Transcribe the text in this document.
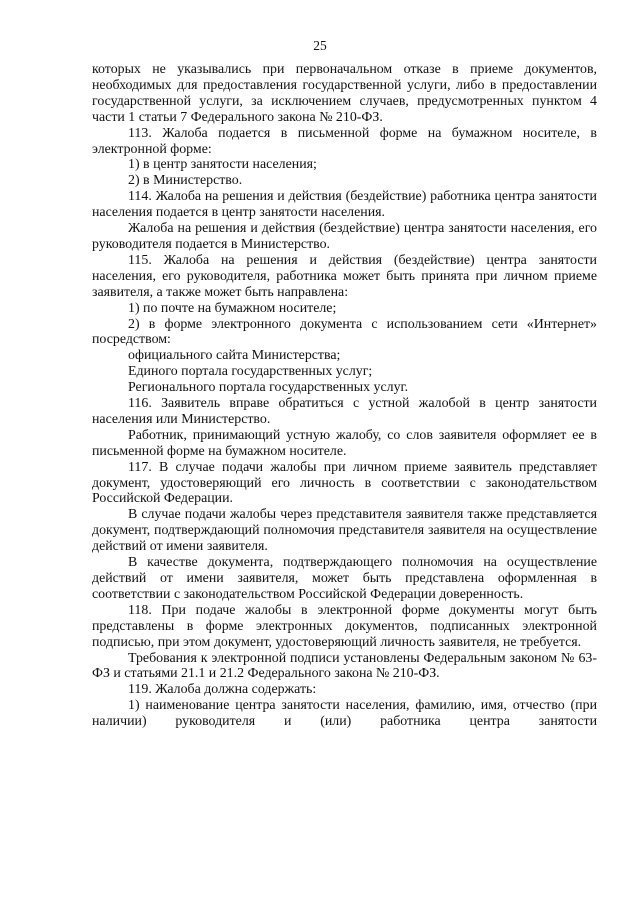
25

которых не указывались при первоначальном отказе в приеме документов, необходимых для предоставления государственной услуги, либо в предоставлении государственной услуги, за исключением случаев, предусмотренных пунктом 4 части 1 статьи 7 Федерального закона № 210-ФЗ.

113. Жалоба подается в письменной форме на бумажном носителе, в электронной форме:

1) в центр занятости населения;

2) в Министерство.

114. Жалоба на решения и действия (бездействие) работника центра занятости населения подается в центр занятости населения.

Жалоба на решения и действия (бездействие) центра занятости населения, его руководителя подается в Министерство.

115. Жалоба на решения и действия (бездействие) центра занятости населения, его руководителя, работника может быть принята при личном приеме заявителя, а также может быть направлена:

1) по почте на бумажном носителе;

2) в форме электронного документа с использованием сети «Интернет» посредством:

официального сайта Министерства;

Единого портала государственных услуг;

Регионального портала государственных услуг.

116. Заявитель вправе обратиться с устной жалобой в центр занятости населения или Министерство.

Работник, принимающий устную жалобу, со слов заявителя оформляет ее в письменной форме на бумажном носителе.

117. В случае подачи жалобы при личном приеме заявитель представляет документ, удостоверяющий его личность в соответствии с законодательством Российской Федерации.

В случае подачи жалобы через представителя заявителя также представляется документ, подтверждающий полномочия представителя заявителя на осуществление действий от имени заявителя.

В качестве документа, подтверждающего полномочия на осуществление действий от имени заявителя, может быть представлена оформленная в соответствии с законодательством Российской Федерации доверенность.

118. При подаче жалобы в электронной форме документы могут быть представлены в форме электронных документов, подписанных электронной подписью, при этом документ, удостоверяющий личность заявителя, не требуется.

Требования к электронной подписи установлены Федеральным законом № 63-ФЗ и статьями 21.1 и 21.2 Федерального закона № 210-ФЗ.

119. Жалоба должна содержать:

1) наименование центра занятости населения, фамилию, имя, отчество (при наличии) руководителя и (или) работника центра занятости
